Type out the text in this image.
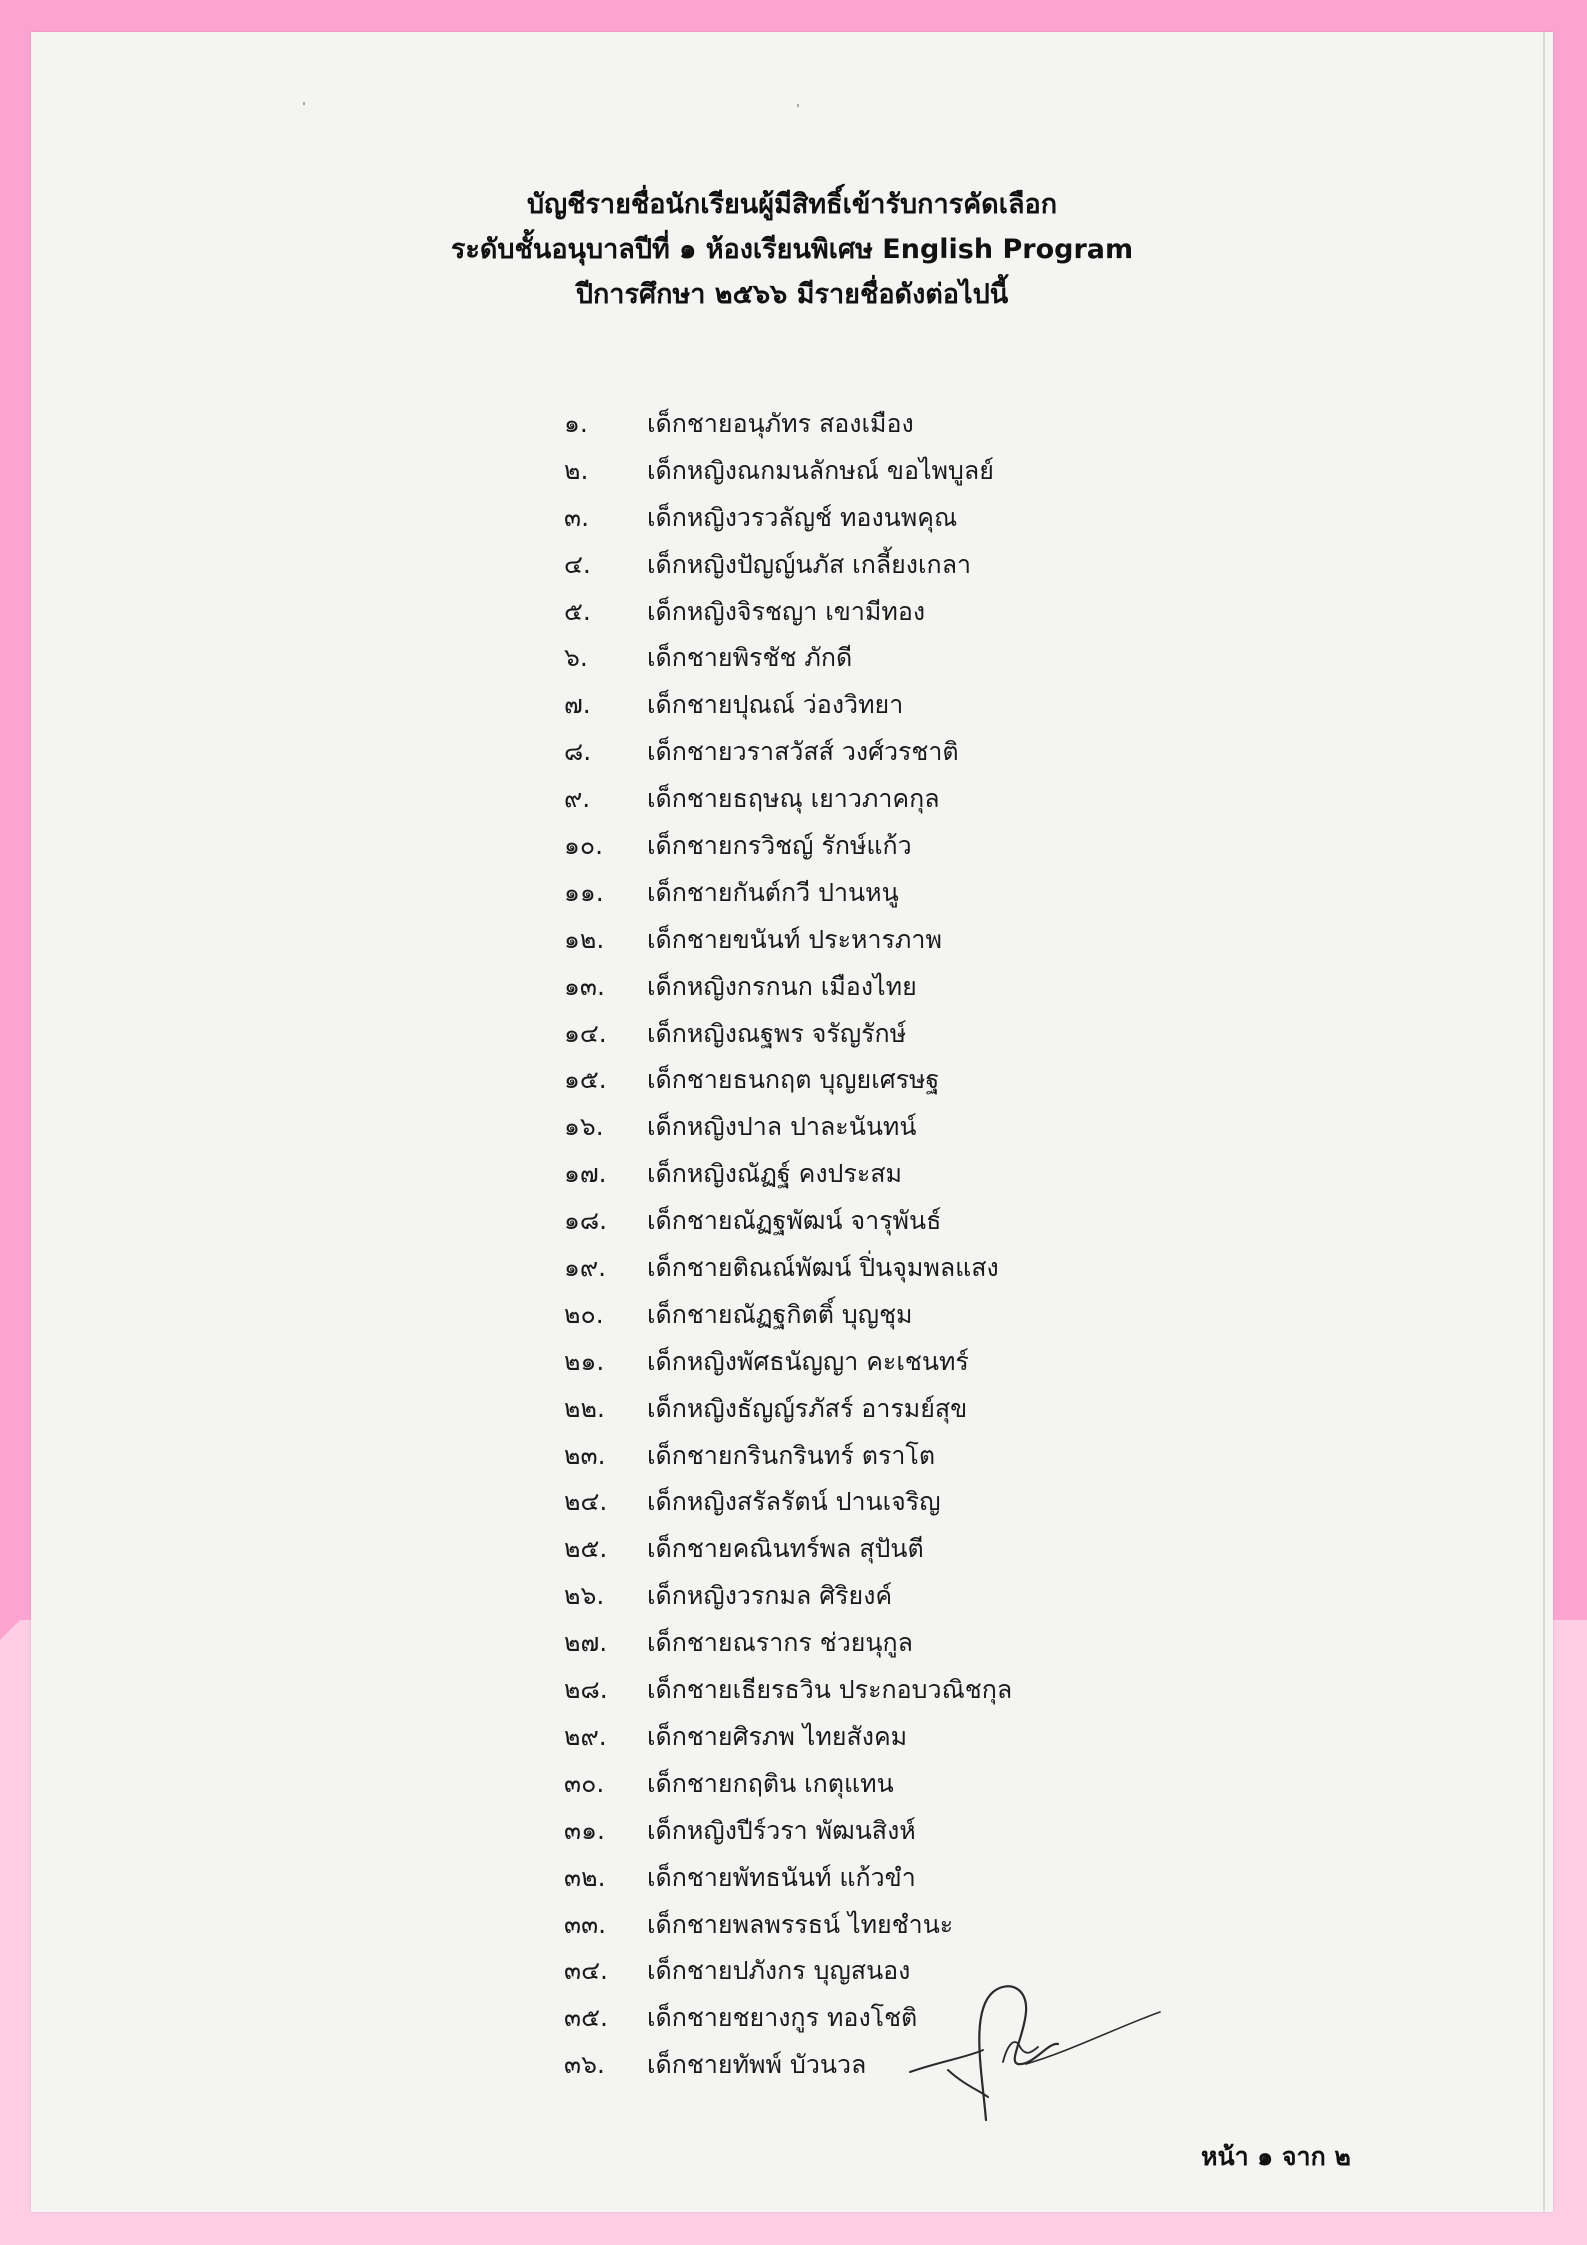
บัญชีรายชื่อนักเรียนผู้มีสิทธิ์เข้ารับการคัดเลือก
ระดับชั้นอนุบาลปีที่ ๑ ห้องเรียนพิเศษ English Program
ปีการศึกษา ๒๕๖๖ มีรายชื่อดังต่อไปนี้
๑.	เด็กชายอนุภัทร สองเมือง
๒.	เด็กหญิงณกมนลักษณ์ ขอไพบูลย์
๓.	เด็กหญิงวรวลัญช์ ทองนพคุณ
๔.	เด็กหญิงปัญญ์นภัส เกลี้ยงเกลา
๕.	เด็กหญิงจิรชญา เขามีทอง
๖.	เด็กชายพิรชัช ภักดี
๗.	เด็กชายปุณณ์ ว่องวิทยา
๘.	เด็กชายวราสวัสส์ วงศ์วรชาติ
๙.	เด็กชายธฤษณุ เยาวภาคกุล
๑๐.	เด็กชายกรวิชญ์ รักษ์แก้ว
๑๑.	เด็กชายกันต์กวี ปานหนู
๑๒.	เด็กชายขนันท์ ประหารภาพ
๑๓.	เด็กหญิงกรกนก เมืองไทย
๑๔.	เด็กหญิงณฐพร จรัญรักษ์
๑๕.	เด็กชายธนกฤต บุญยเศรษฐ
๑๖.	เด็กหญิงปาล ปาละนันทน์
๑๗.	เด็กหญิงณัฏฐ์ คงประสม
๑๘.	เด็กชายณัฏฐพัฒน์ จารุพันธ์
๑๙.	เด็กชายติณณ์พัฒน์ ปิ่นจุมพลแสง
๒๐.	เด็กชายณัฏฐกิตติ์ บุญชุม
๒๑.	เด็กหญิงพัศธนัญญา คะเชนทร์
๒๒.	เด็กหญิงธัญญ์รภัสร์ อารมย์สุข
๒๓.	เด็กชายกรินกรินทร์ ตราโต
๒๔.	เด็กหญิงสรัลรัตน์ ปานเจริญ
๒๕.	เด็กชายคณินทร์พล สุปันตี
๒๖.	เด็กหญิงวรกมล ศิริยงค์
๒๗.	เด็กชายณรากร ช่วยนุกูล
๒๘.	เด็กชายเธียรธวิน ประกอบวณิชกุล
๒๙.	เด็กชายศิรภพ ไทยสังคม
๓๐.	เด็กชายกฤติน เกตุแทน
๓๑.	เด็กหญิงปีร์วรา พัฒนสิงห์
๓๒.	เด็กชายพัทธนันท์ แก้วขำ
๓๓.	เด็กชายพลพรรธน์ ไทยชำนะ
๓๔.	เด็กชายปภังกร บุญสนอง
๓๕.	เด็กชายชยางกูร ทองโชติ
๓๖.	เด็กชายทัพพ์ บัวนวล
หน้า ๑ จาก ๒
